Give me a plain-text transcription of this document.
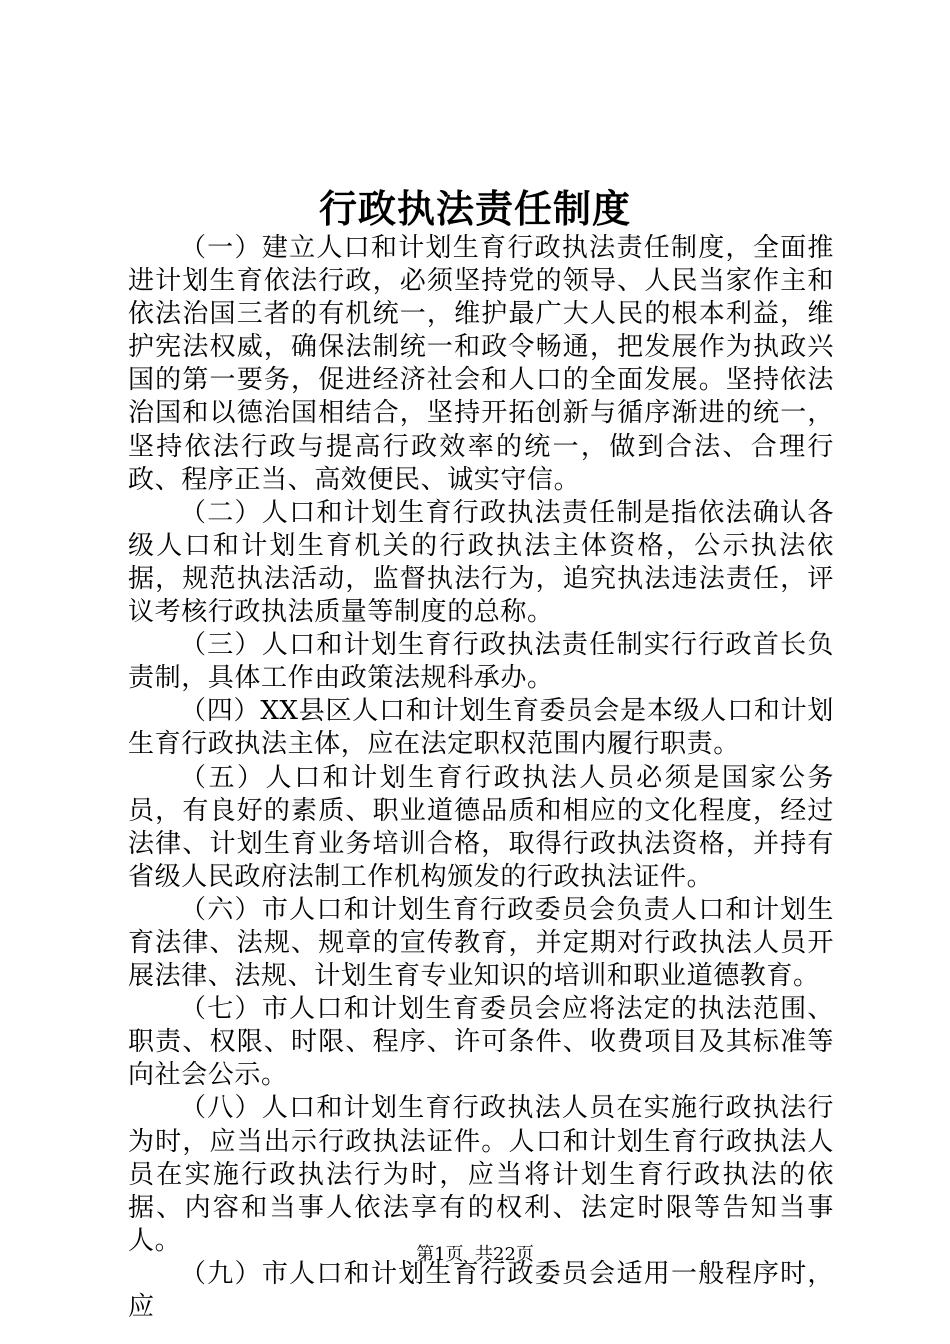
行政执法责任制度

（一）建立人口和计划生育行政执法责任制度，全面推进计划生育依法行政，必须坚持党的领导、人民当家作主和依法治国三者的有机统一，维护最广大人民的根本利益，维护宪法权威，确保法制统一和政令畅通，把发展作为执政兴国的第一要务，促进经济社会和人口的全面发展。坚持依法治国和以德治国相结合，坚持开拓创新与循序渐进的统一，坚持依法行政与提高行政效率的统一，做到合法、合理行政、程序正当、高效便民、诚实守信。

（二）人口和计划生育行政执法责任制是指依法确认各级人口和计划生育机关的行政执法主体资格，公示执法依据，规范执法活动，监督执法行为，追究执法违法责任，评议考核行政执法质量等制度的总称。

（三）人口和计划生育行政执法责任制实行行政首长负责制，具体工作由政策法规科承办。

（四）XX县区人口和计划生育委员会是本级人口和计划生育行政执法主体，应在法定职权范围内履行职责。

（五）人口和计划生育行政执法人员必须是国家公务员，有良好的素质、职业道德品质和相应的文化程度，经过法律、计划生育业务培训合格，取得行政执法资格，并持有省级人民政府法制工作机构颁发的行政执法证件。

（六）市人口和计划生育行政委员会负责人口和计划生育法律、法规、规章的宣传教育，并定期对行政执法人员开展法律、法规、计划生育专业知识的培训和职业道德教育。

（七）市人口和计划生育委员会应将法定的执法范围、职责、权限、时限、程序、许可条件、收费项目及其标准等向社会公示。

（八）人口和计划生育行政执法人员在实施行政执法行为时，应当出示行政执法证件。人口和计划生育行政执法人员在实施行政执法行为时，应当将计划生育行政执法的依据、内容和当事人依法享有的权利、法定时限等告知当事人。

（九）市人口和计划生育行政委员会适用一般程序时，应

第1页 共22页
